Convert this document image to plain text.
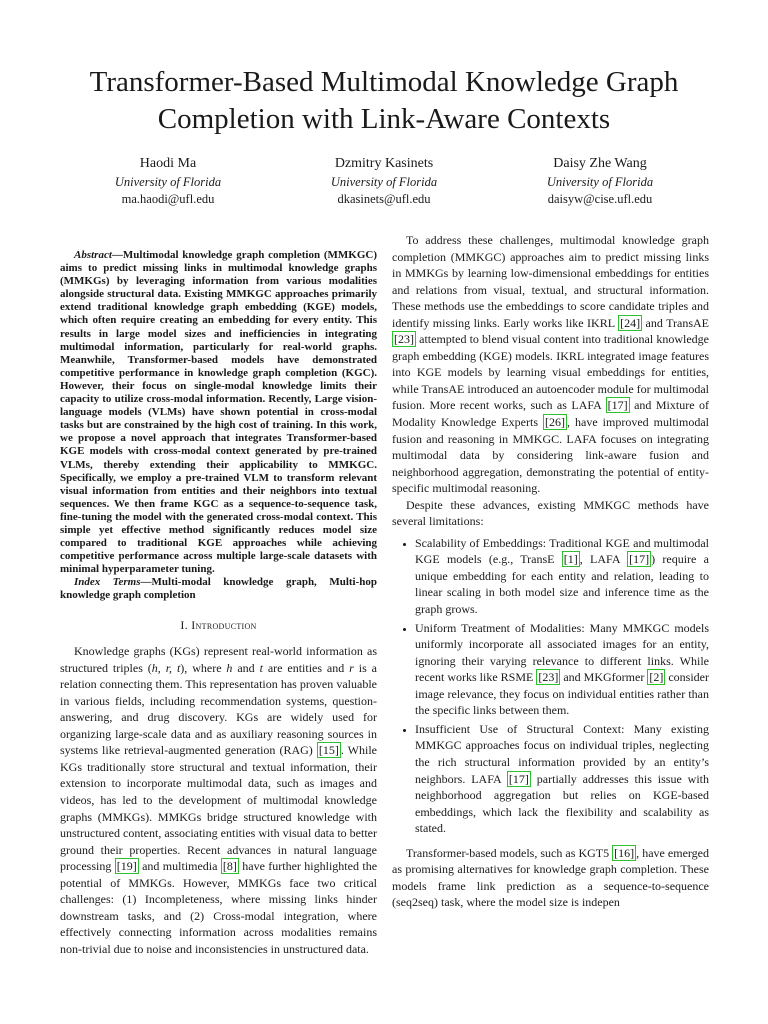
Transformer-Based Multimodal Knowledge Graph Completion with Link-Aware Contexts
Haodi Ma
University of Florida
ma.haodi@ufl.edu
Dzmitry Kasinets
University of Florida
dkasinets@ufl.edu
Daisy Zhe Wang
University of Florida
daisyw@cise.ufl.edu

Abstract—Multimodal knowledge graph completion (MMKGC) aims to predict missing links in multimodal knowledge graphs (MMKGs) by leveraging information from various modalities alongside structural data. Existing MMKGC approaches primarily extend traditional knowledge graph embedding (KGE) models, which often require creating an embedding for every entity. This results in large model sizes and inefficiencies in integrating multimodal information, particularly for real-world graphs. Meanwhile, Transformer-based models have demonstrated competitive performance in knowledge graph completion (KGC). However, their focus on single-modal knowledge limits their capacity to utilize cross-modal information. Recently, Large vision-language models (VLMs) have shown potential in cross-modal tasks but are constrained by the high cost of training. In this work, we propose a novel approach that integrates Transformer-based KGE models with cross-modal context generated by pre-trained VLMs, thereby extending their applicability to MMKGC. Specifically, we employ a pre-trained VLM to transform relevant visual information from entities and their neighbors into textual sequences. We then frame KGC as a sequence-to-sequence task, fine-tuning the model with the generated cross-modal context. This simple yet effective method significantly reduces model size compared to traditional KGE approaches while achieving competitive performance across multiple large-scale datasets with minimal hyperparameter tuning.

Index Terms—Multi-modal knowledge graph, Multi-hop knowledge graph completion

I. Introduction

Knowledge graphs (KGs) represent real-world information as structured triples (h, r, t), where h and t are entities and r is a relation connecting them. This representation has proven valuable in various fields, including recommendation systems, question-answering, and drug discovery. KGs are widely used for organizing large-scale data and as auxiliary reasoning sources in systems like retrieval-augmented generation (RAG) [15] . While KGs traditionally store structural and textual information, their extension to incorporate multimodal data, such as images and videos, has led to the development of multimodal knowledge graphs (MMKGs). MMKGs bridge structured knowledge with unstructured content, associating entities with visual data to better ground their properties. Recent advances in natural language processing [19] and multimedia [8] have further highlighted the potential of MMKGs. However, MMKGs face two critical challenges: (1) Incompleteness, where missing links hinder downstream tasks, and (2) Cross-modal integration, where effectively connecting information across modalities remains non-trivial due to noise and inconsistencies in unstructured data.

To address these challenges, multimodal knowledge graph completion (MMKGC) approaches aim to predict missing links in MMKGs by learning low-dimensional embeddings for entities and relations from visual, textual, and structural information. These methods use the embeddings to score candidate triples and identify missing links. Early works like IKRL [24] and TransAE [23] attempted to blend visual content into traditional knowledge graph embedding (KGE) models. IKRL integrated image features into KGE models by learning visual embeddings for entities, while TransAE introduced an autoencoder module for multimodal fusion. More recent works, such as LAFA [17] and Mixture of Modality Knowledge Experts [26] , have improved multimodal fusion and reasoning in MMKGC. LAFA focuses on integrating multimodal data by considering link-aware fusion and neighborhood aggregation, demonstrating the potential of entity-specific multimodal reasoning.

Despite these advances, existing MMKGC methods have several limitations:

• Scalability of Embeddings: Traditional KGE and multimodal KGE models (e.g., TransE [1] , LAFA [17] ) require a unique embedding for each entity and relation, leading to linear scaling in both model size and inference time as the graph grows.
• Uniform Treatment of Modalities: Many MMKGC models uniformly incorporate all associated images for an entity, ignoring their varying relevance to different links. While recent works like RSME [23] and MKGformer [2] consider image relevance, they focus on individual entities rather than the specific links between them.
• Insufficient Use of Structural Context: Many existing MMKGC approaches focus on individual triples, neglecting the rich structural information provided by an entity’s neighbors. LAFA [17] partially addresses this issue with neighborhood aggregation but relies on KGE-based embeddings, which lack the flexibility and scalability as stated.

Transformer-based models, such as KGT5 [16] , have emerged as promising alternatives for knowledge graph completion. These models frame link prediction as a sequence-to-sequence (seq2seq) task, where the model size is indepen
